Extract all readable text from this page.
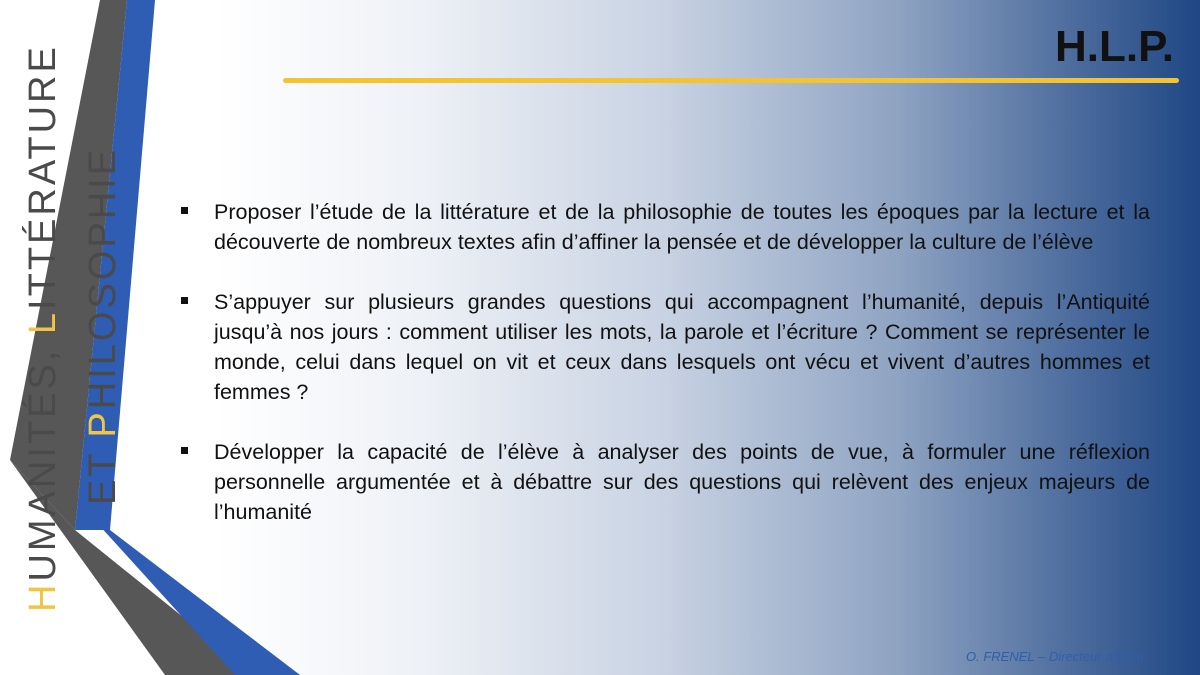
HUMANITÉS, LITTÉRATURE
ET PHILOSOPHIE
H.L.P.
Proposer l’étude de la littérature et de la philosophie de toutes les époques par la lecture et la découverte de nombreux textes afin d’affiner la pensée et de développer la culture de l’élève
S’appuyer sur plusieurs grandes questions qui accompagnent l’humanité, depuis l’Antiquité jusqu’à nos jours : comment utiliser les mots, la parole et l’écriture ? Comment se représenter le monde, celui dans lequel on vit et ceux dans lesquels ont vécu et vivent d’autres hommes et femmes ?
Développer la capacité de l’élève à analyser des points de vue, à formuler une réflexion personnelle argumentée et à débattre sur des questions qui relèvent des enjeux majeurs de l’humanité
O. FRENEL – Directeur adjoint
